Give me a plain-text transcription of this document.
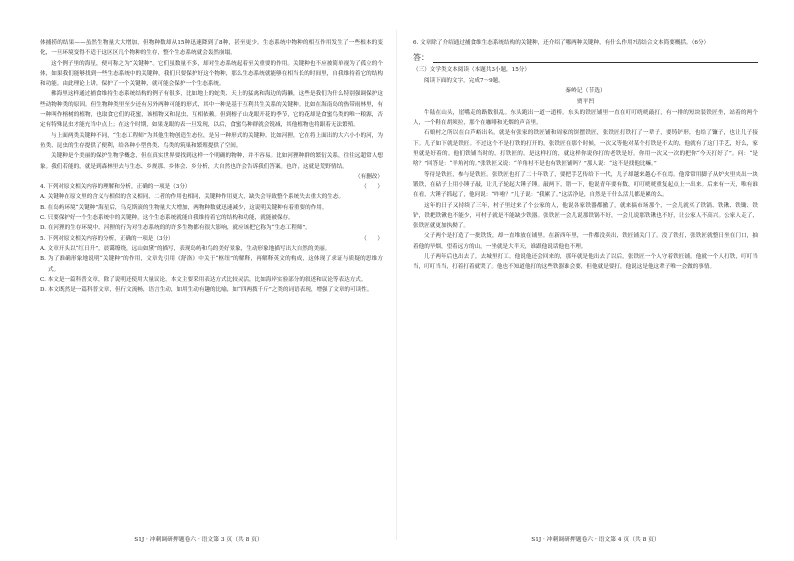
体捕捞的结果——虽然生物量大大增加，但物种数却从15种迅速降到了8种，甚至更少。生态系统中物种的相互作用发生了一些根本的变化，一旦环境变得不适于这区区几个物种的生存，整个生态系统就会轰然崩塌。

这个例子里的海星，便可称之为“关键种”。它们虽数量不多，却对生态系统起着至关重要的作用。关键种也不应被简单视为了孤立的个体，如果我们能够找到一些生态系统中的关键种，我们只要保护好这个物种，那么生态系统就能够在相当长的时间里，自我维持着它的结构和功能。由此理论上讲，保护了一个关键种，就可能会保护一个生态系统。

佛海里这样通过捕食维持生态系统结构的例子有很多，比如地上的蛇类、天上的猛禽和海边的海獭，这些是我们为什么特别强调保护这些动物种类的原因。但生物种类里至少还有另外两种可能的形式，其中一种是基于互利共生关系的关键种。比如在海南岛的热带雨林里，有一种叫作榕树的植物，也取食它们的花蜜，该植物又和昆虫，互相依赖。但到榕子山龙眼开花的季节，它的花却是食蜜鸟类的唯一粮源，否定有特殊昆虫才能充当中点上；在这个时期，如果龙眼的表一旦发现，以后，食蜜鸟种群就会锐减，其他植物也将跟着无法繁殖。

与上面两类关键种不同，“生态工程师”为其他生物创造生态位，是另一种形式的关键种。比如河狸，它在将上面出的大六小小的河，为鱼类、昆虫的生存提供了便利，给各种小型兽类、鸟类的筑巢和繁殖提供了空间。

关键种是个美丽的保护生物学概念，但在真实世界要找到这样一个明确的物种，并不容易。比如河狸种群的繁衍关系，往往远超常人想象。我们若能的，就是到森林里去与生态、乡规那、乡体会、乡分析，大自然也许会告诉我们答案。也许，这就是荒野情结。

（有删改）

4. 下列对原文相关内容的理解和分析，正确的一项是（3分）	（      ）

A. 关键种在原文里的含义与相似的含义相同，二者的作用也相同，关键种作用更大，缺失会导致整个系统失去重大的生态。

B. 在岛屿环境“关键种”海星后，乌克斯滚的生物量大大增加，两物种数就迅速减少，这说明关键种有着重要的作用。

C. 只要保护好一个生态系统中的关键种，这个生态系统就能自我维持着它的结构和功能，就能被保存。

D. 在河狸的生存环境中，河狸的行为对生态系统的的许多生物都有很大影响，就应该把它称为“生态工程师”。

5. 下列对原文相关内容的分析，正确的一项是（3分）	（      ）

A. 文章开头以“红日升”，晨霭缭绕，远山如黛”的描写，表现岛屿和鸟的美好景象，生动形象地描写出大自然的美丽。

B. 为了准确形象地说明“关键种”的作用，文章先引用《舒洛》中关于“枢纽”的解释，再解释英文的构成，这体现了求证与质疑的思维方式。

C. 本文是一篇科普文章，除了说明还使用大量议论，本文主要采用表达方式比较灵活，比如海岸实验部分的叙述和议论等表达方式。

D. 本文既然是一篇科普文章，但行文流畅，语言生动，如用生动有趣的比喻，如“四两拨千斤”之类的词语表现，增强了文章的可读性。

S1J · 冲刺调研押题卷六 · 语文第 3 页（共 8 页）

6. 文章除了介绍通过捕食维生态系统结构的关键种，还介绍了哪两种关键种，有什么作用?请结合文本简要概括。（6分）

答：

（三）文学类文本阅读（本题共3小题，15分）

阅读下面的文字，完成7～9题。

秦岭记（节选）
贾平凹

牛陆在山头，崖嘴走的路数很乱。东头跑出一道一道桥。东头的铁匠铺里一直在叮叮咣咣敲打，有一排的短块装铁匠坐，站着的两个人，一个鞋在胡须拉，那个在咖啡和光烟的声音里。

石娘村之所以在白芦峪出名，就是有张家的铁匠铺和周家的饼摆铁匠，张铁匠打铁打了一辈子，要铸铲形，也给了镰子，也让儿子接下。儿子如下就是铁匠。不过这个不是打铁的打开的，张铁匠在那个时候，一次又等他对某个打铁是不太的，他就有了这门手艺，好么，家里就是好着的。他们铁铺当时的，打铁匠的。是这样打的，就这样你说你打的老铁是好。你用一次又一次的把你“今天打好了”。问：“是啥？”回答是：“羊角衬的。”张铁匠又说：“羊角衬不是也有铁匠铺吗？”那人说：“这不是找他比嘛。”

等待是铁匠，参与是铁匠。张铁匠也打了二十年铁了，要把手艺传给下一代，儿子却越来越心不在焉。他常常用脚子从炉火里夹出一块锻铁，在砧子上用小锤子敲，让儿子轮起大锤子锤。敲两下，错一下，他说青年要有数，叮叮咣咣重复起点上一出来。后来有一天，唯有谁在看，大锤子抓起了，他问说：“咋啦？”儿子说：“我累了。”这活净是，自然是干什么活儿都是累的么。

这年的日子又持续了三年，村子里过来了个公家的人，他说各家铁器都撤了，就来搞市场那个，一会儿就买了铁锅、铁锹、铁锄、铁铲，铁耙铁锹也不能少，可村子就是不能缺少铁器。张铁匠一会儿说那铁锅不好，一会儿说那铁锹也不好，让公家人不高兴。公家人走了，张铁匠就更加执拗了。

父子两个是打造了一批铁货，却一直堆放在铺里。在新西年里，一件都没卖出，铁匠铺关门了。没了铁打，张铁匠就整日坐在门口，抽着他的旱烟，望着远方的山，一坐就是大半天，谁跟他说话他也不理。

儿子两年后也出去了，去城里打工。他说他还会回来的，那年就是他出去了以后，张铁匠一个人守着铁匠铺。他就一个人打铁，叮叮当当，叮叮当当，打着打着就哭了。他也不知道他打的这些铁器谁会要，但他就是要打，他说这是他这辈子唯一会做的事情。

S1J · 冲刺调研押题卷六 · 语文第 4 页（共 8 页）
